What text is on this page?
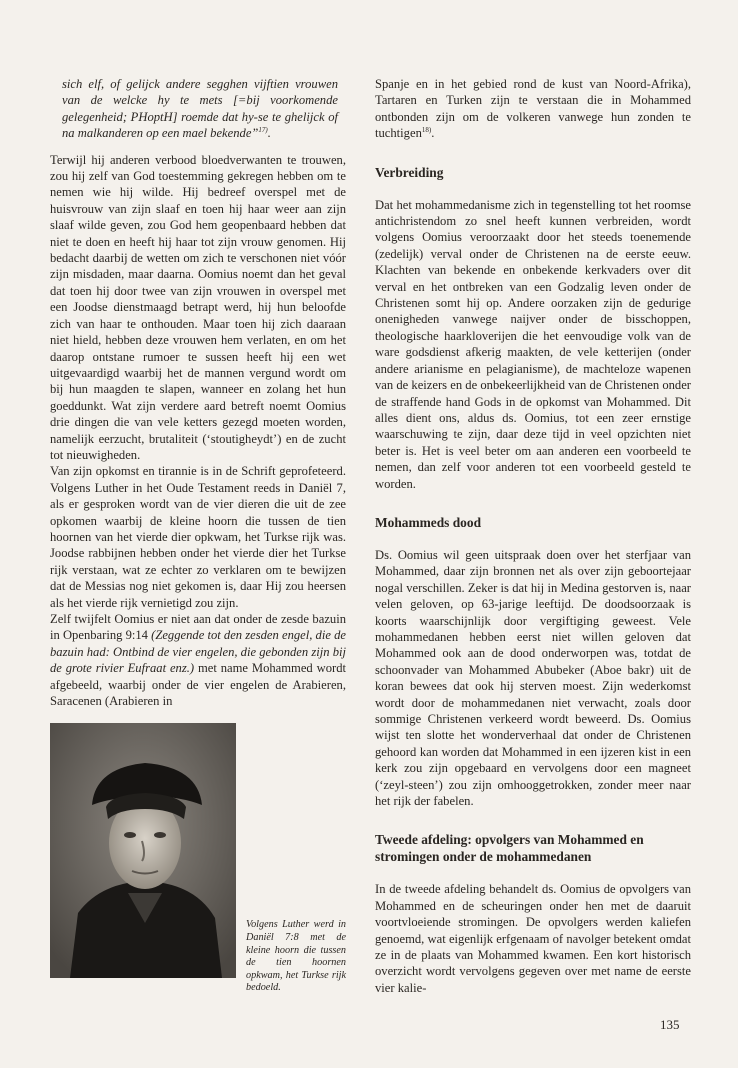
sich elf, of gelijck andere segghen vijftien vrouwen van de welcke hy te mets [=bij voorkomende gelegenheid; PHoptH] roemde dat hy-se te ghelijck of na malkanderen op een mael bekende”$^{17)}$.

Terwijl hij anderen verbood bloedverwanten te trouwen, zou hij zelf van God toestemming gekregen hebben om te nemen wie hij wilde. Hij bedreef overspel met de huisvrouw van zijn slaaf en toen hij haar weer aan zijn slaaf wilde geven, zou God hem geopenbaard hebben dat niet te doen en heeft hij haar tot zijn vrouw genomen. Hij bedacht daarbij de wetten om zich te verschonen niet vóór zijn misdaden, maar daarna. Oomius noemt dan het geval dat toen hij door twee van zijn vrouwen in overspel met een Joodse dienstmaagd betrapt werd, hij hun beloofde zich van haar te onthouden. Maar toen hij zich daaraan niet hield, hebben deze vrouwen hem verlaten, en om het daarop ontstane rumoer te sussen heeft hij een wet uitgevaardigd waarbij het de mannen vergund wordt om bij hun maagden te slapen, wanneer en zolang het hun goeddunkt. Wat zijn verdere aard betreft noemt Oomius drie dingen die van vele ketters gezegd moeten worden, namelijk eerzucht, brutaliteit (‘stoutigheydt’) en de zucht tot nieuwigheden.

Van zijn opkomst en tirannie is in de Schrift geprofeteerd. Volgens Luther in het Oude Testament reeds in Daniël 7, als er gesproken wordt van de vier dieren die uit de zee opkomen waarbij de kleine hoorn die tussen de tien hoornen van het vierde dier opkwam, het Turkse rijk was. Joodse rabbijnen hebben onder het vierde dier het Turkse rijk verstaan, wat ze echter zo verklaren om te bewijzen dat de Messias nog niet gekomen is, daar Hij zou heersen als het vierde rijk vernietigd zou zijn.

Zelf twijfelt Oomius er niet aan dat onder de zesde bazuin in Openbaring 9:14 (Zeggende tot den zesden engel, die de bazuin had: Ontbind de vier engelen, die gebonden zijn bij de grote rivier Eufraat enz.) met name Mohammed wordt afgebeeld, waarbij onder de vier engelen de Arabieren, Saracenen (Arabieren in

Volgens Luther werd in Daniël 7:8 met de kleine hoorn die tussen de tien hoornen opkwam, het Turkse rijk bedoeld.

Spanje en in het gebied rond de kust van Noord-Afrika), Tartaren en Turken zijn te verstaan die in Mohammed ontbonden zijn om de volkeren vanwege hun zonden te tuchtigen$^{18)}$.

Verbreiding

Dat het mohammedanisme zich in tegenstelling tot het roomse antichristendom zo snel heeft kunnen verbreiden, wordt volgens Oomius veroorzaakt door het steeds toenemende (zedelijk) verval onder de Christenen na de eerste eeuw. Klachten van bekende en onbekende kerkvaders over dit verval en het ontbreken van een Godzalig leven onder de Christenen somt hij op. Andere oorzaken zijn de gedurige onenigheden vanwege naijver onder de bisschoppen, theologische haarkloverijen die het eenvoudige volk van de ware godsdienst afkerig maakten, de vele ketterijen (onder andere arianisme en pelagianisme), de machteloze wapenen van de keizers en de onbekeerlijkheid van de Christenen onder de straffende hand Gods in de opkomst van Mohammed. Dit alles dient ons, aldus ds. Oomius, tot een zeer ernstige waarschuwing te zijn, daar deze tijd in veel opzichten niet beter is. Het is veel beter om aan anderen een voorbeeld te nemen, dan zelf voor anderen tot een voorbeeld gesteld te worden.

Mohammeds dood

Ds. Oomius wil geen uitspraak doen over het sterfjaar van Mohammed, daar zijn bronnen net als over zijn geboortejaar nogal verschillen. Zeker is dat hij in Medina gestorven is, naar velen geloven, op 63-jarige leeftijd. De doodsoorzaak is koorts waarschijnlijk door vergiftiging geweest. Vele mohammedanen hebben eerst niet willen geloven dat Mohammed ook aan de dood onderworpen was, totdat de schoonvader van Mohammed Abubeker (Aboe bakr) uit de koran bewees dat ook hij sterven moest. Zijn wederkomst wordt door de mohammedanen niet verwacht, zoals door sommige Christenen verkeerd wordt beweerd. Ds. Oomius wijst ten slotte het wonderverhaal dat onder de Christenen gehoord kan worden dat Mohammed in een ijzeren kist in een kerk zou zijn opgebaard en vervolgens door een magneet (‘zeyl-steen’) zou zijn omhooggetrokken, zonder meer naar het rijk der fabelen.

Tweede afdeling: opvolgers van Mohammed en stromingen onder de mohammedanen

In de tweede afdeling behandelt ds. Oomius de opvolgers van Mohammed en de scheuringen onder hen met de daaruit voortvloeiende stromingen. De opvolgers werden kaliefen genoemd, wat eigenlijk erfgenaam of navolger betekent omdat ze in de plaats van Mohammed kwamen. Een kort historisch overzicht wordt vervolgens gegeven over met name de eerste vier kalie-

135
